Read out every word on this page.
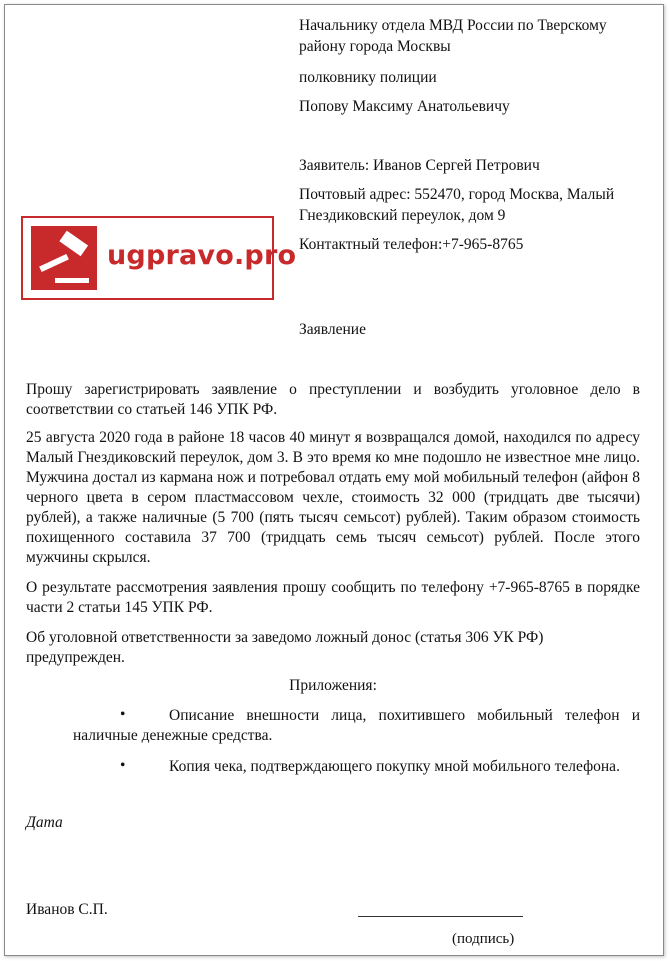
Начальнику отдела МВД России по Тверскому району города Москвы
полковнику полиции
Попову Максиму Анатольевичу
Заявитель: Иванов Сергей Петрович
Почтовый адрес: 552470, город Москва, Малый Гнездиковский переулок, дом 9
Контактный телефон:+7-965-8765
ugpravo.pro
Заявление
Прошу зарегистрировать заявление о преступлении и возбудить уголовное дело в соответствии со статьей 146 УПК РФ.
25 августа 2020 года в районе 18 часов 40 минут я возвращался домой, находился по адресу Малый Гнездиковский переулок, дом 3. В это время ко мне подошло не известное мне лицо. Мужчина достал из кармана нож и потребовал отдать ему мой мобильный телефон (айфон 8 черного цвета в сером пластмассовом чехле, стоимость 32 000 (тридцать две тысячи) рублей), а также наличные (5 700 (пять тысяч семьсот) рублей). Таким образом стоимость похищенного составила 37 700 (тридцать семь тысяч семьсот) рублей. После этого мужчины скрылся.
О результате рассмотрения заявления прошу сообщить по телефону +7-965-8765 в порядке части 2 статьи 145 УПК РФ.
Об уголовной ответственности за заведомо ложный донос (статья 306 УК РФ) предупрежден.
Приложения:
•	Описание внешности лица, похитившего мобильный телефон и наличные денежные средства.
•	Копия чека, подтверждающего покупку мной мобильного телефона.
Дата
Иванов С.П.
(подпись)
